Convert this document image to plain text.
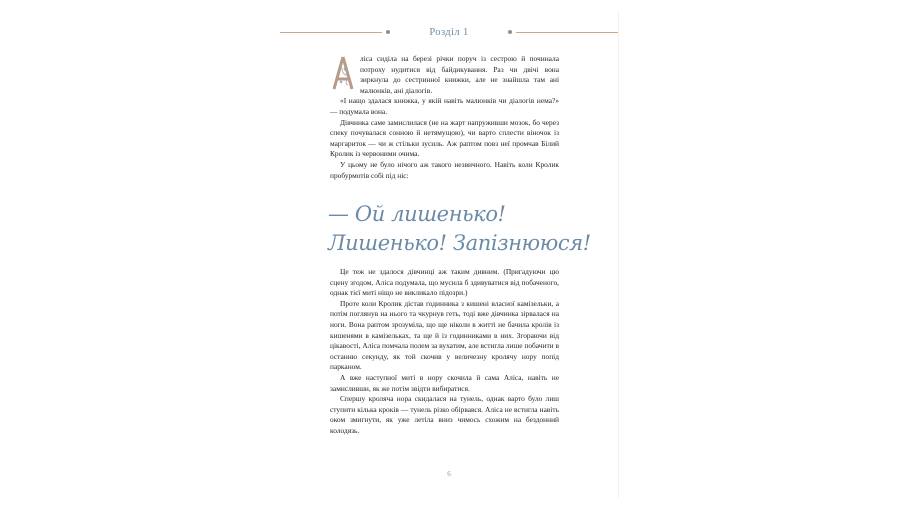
Розділ 1

ліса сиділа на березі річки поруч із сестрою й починала потроху нудитися від байдикування. Раз чи двічі вона зиркнула до сестринної книжки, але не знайшла там ані малюнків, ані діалогів.

«І нащо здалася книжка, у якій навіть малюнків чи діалогів нема?» — подумала вона.

Дівчинка саме замислилася (не на жарт напруживши мозок, бо через спеку почувалася сонною й нетямущою), чи варто сплести віночок із маргариток — чи ж стільки зусиль. Аж раптом повз неї промчав Білий Кролик із червоними очима.

У цьому не було нічого аж такого незвичного. Навіть коли Кролик пробурмотів собі під ніс:

— Ой лишенько!
Лишенько! Запізнююся!

Це теж не здалося дівчинці аж таким дивним. (Пригадуючи цю сцену згодом, Аліса подумала, що мусила б здивуватися від побаченого, однак тієї миті ніщо не викликало підозри.)

Проте коли Кролик дістав годинника з кишені власної камізельки, а потім поглянув на нього та чкурнув геть, тоді вже дівчинка зірвалася на ноги. Вона раптом зрозуміла, що ще ніколи в житті не бачила кролів із кишенями в камізельках, та ще й із годинниками в них. Згораючи від цікавості, Аліса помчала полем за вухатим, але встигла лише побачити в останню секунду, як той скочив у величезну кролячу нору попід парканом.

А вже наступної миті в нору скочила й сама Аліса, навіть не замисливши, як же потім звідти вибиратися.

Спершу кроляча нора скидалася на тунель, однак варто було лиш ступити кілька кроків — тунель різко обірвався. Аліса не встигла навіть оком змигнути, як уже летіла вниз чимось схожим на бездонний колодязь.

6
